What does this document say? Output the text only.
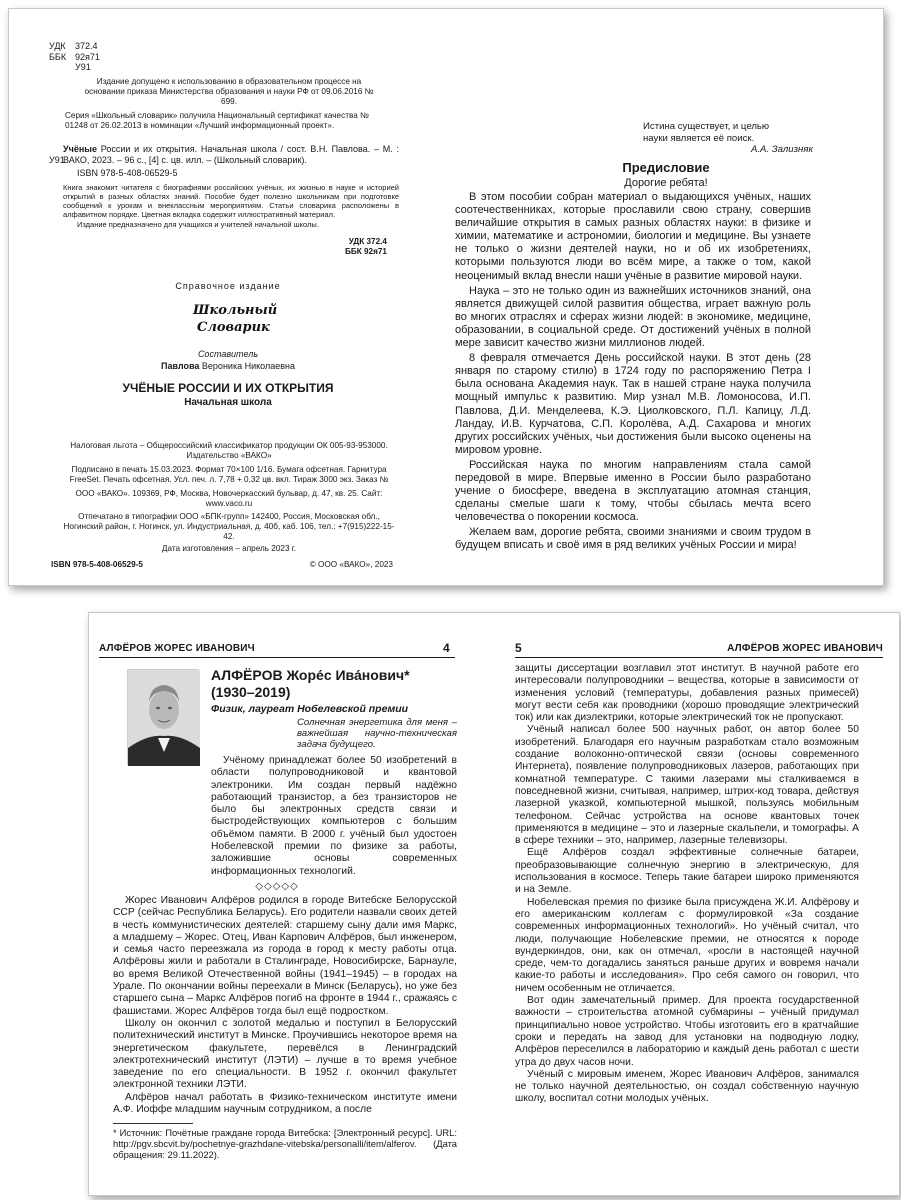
УДК	372.4
ББК 92я71
У91
Издание допущено к использованию в образовательном процессе на основании приказа Министерства образования и науки РФ от 09.06.2016 № 699.
Серия «Школьный словарик» получила Национальный сертификат качества № 01248 от 26.02.2013 в номинации «Лучший информационный проект».
Учёные России и их открытия. Начальная школа / сост. В.Н. Павлова. – М. : ВАКО, 2023. – 96 с., [4] с. цв. илл. – (Школьный словарик).
У91
ISBN 978-5-408-06529-5
Книга знакомит читателя с биографиями российских учёных, их жизнью в науке и историей открытий в разных областях знаний. Пособие будет полезно школьникам при подготовке сообщений к урокам и внеклассным мероприятиям. Статьи словарика расположены в алфавитном порядке. Цветная вкладка содержит иллюстративный материал.
Издание предназначено для учащихся и учителей начальной школы.
УДК 372.4
ББК 92я71
Справочное издание
Школьный
Словарик
Составитель
Павлова Вероника Николаевна
УЧЁНЫЕ РОССИИ И ИХ ОТКРЫТИЯ
Начальная школа
Налоговая льгота – Общероссийский классификатор продукции ОК 005-93-953000. Издательство «ВАКО»
Подписано в печать 15.03.2023. Формат 70×100 1/16. Бумага офсетная. Гарнитура FreeSet. Печать офсетная. Усл. печ. л. 7,78 + 0,32 цв. вкл. Тираж 3000 экз. Заказ №
ООО «ВАКО». 109369, РФ, Москва, Новочеркасский бульвар, д. 47, кв. 25. Сайт: www.vaco.ru
Отпечатано в типографии ООО «БПК-групп» 142400, Россия, Московская обл., Ногинский район, г. Ногинск, ул. Индустриальная, д. 40б, каб. 106, тел.: +7(915)222-15-42.
Дата изготовления – апрель 2023 г.
ISBN 978-5-408-06529-5	© ООО «ВАКО», 2023
Истина существует, и целью
науки является её поиск.
А.А. Зализняк
Предисловие
Дорогие ребята!

В этом пособии собран материал о выдающихся учёных, наших соотечественниках, которые прославили свою страну, совершив величайшие открытия в самых разных областях науки: в физике и химии, математике и астрономии, биологии и медицине. Вы узнаете не только о жизни деятелей науки, но и об их изобретениях, которыми пользуются люди во всём мире, а также о том, какой неоценимый вклад внесли наши учёные в развитие мировой науки.

Наука – это не только один из важнейших источников знаний, она является движущей силой развития общества, играет важную роль во многих отраслях и сферах жизни людей: в экономике, медицине, образовании, в социальной среде. От достижений учёных в полной мере зависит качество жизни миллионов людей.

8 февраля отмечается День российской науки. В этот день (28 января по старому стилю) в 1724 году по распоряжению Петра I была основана Академия наук. Так в нашей стране наука получила мощный импульс к развитию. Мир узнал М.В. Ломоносова, И.П. Павлова, Д.И. Менделеева, К.Э. Циолковского, П.Л. Капицу, Л.Д. Ландау, И.В. Курчатова, С.П. Королёва, А.Д. Сахарова и многих других российских учёных, чьи достижения были высоко оценены на мировом уровне.

Российская наука по многим направлениям стала самой передовой в мире. Впервые именно в России было разработано учение о биосфере, введена в эксплуатацию атомная станция, сделаны смелые шаги к тому, чтобы сбылась мечта всего человечества о покорении космоса.

Желаем вам, дорогие ребята, своими знаниями и своим трудом в будущем вписать и своё имя в ряд великих учёных России и мира!

АЛФЁРОВ ЖОРЕС ИВАНОВИЧ	4
АЛФЁРОВ Жоре́с Ива́нович*
(1930–2019)
Физик, лауреат Нобелевской премии
Солнечная энергетика для меня – важнейшая научно-техническая задача будущего.

Учёному принадлежат более 50 изобретений в области полупроводниковой и квантовой электроники. Им создан первый надёжно работающий транзистор, а без транзисторов не было бы электронных средств связи и быстродействующих компьютеров с большим объёмом памяти. В 2000 г. учёный был удостоен Нобелевской премии по физике за работы, заложившие основы современных информационных технологий.

◇◇◇◇◇

Жорес Иванович Алфёров родился в городе Витебске Белорусской ССР (сейчас Республика Беларусь). Его родители назвали своих детей в честь коммунистических деятелей: старшему сыну дали имя Маркс, а младшему – Жорес. Отец, Иван Карпович Алфёров, был инженером, и семья часто переезжала из города в город к месту работы отца. Алфёровы жили и работали в Сталинграде, Новосибирске, Барнауле, во время Великой Отечественной войны (1941–1945) – в городах на Урале. По окончании войны переехали в Минск (Беларусь), но уже без старшего сына – Маркс Алфёров погиб на фронте в 1944 г., сражаясь с фашистами. Жорес Алфёров тогда был ещё подростком.

Школу он окончил с золотой медалью и поступил в Белорусский политехнический институт в Минске. Проучившись некоторое время на энергетическом факультете, перевёлся в Ленинградский электротехнический институт (ЛЭТИ) – лучше в то время учебное заведение по его специальности. В 1952 г. окончил факультет электронной техники ЛЭТИ.

Алфёров начал работать в Физико-техническом институте имени А.Ф. Иоффе младшим научным сотрудником, а после

* Источник: Почётные граждане города Витебска: [Электронный ресурс]. URL: http://pgv.sbcvit.by/pochetnye-grazhdane-vitebska/personalli/item/alferov. (Дата обращения: 29.11.2022).
5	АЛФЁРОВ ЖОРЕС ИВАНОВИЧ

защиты диссертации возглавил этот институт. В научной работе его интересовали полупроводники – вещества, которые в зависимости от изменения условий (температуры, добавления разных примесей) могут вести себя как проводники (хорошо проводящие электрический ток) или как диэлектрики, которые электрический ток не пропускают.

Учёный написал более 500 научных работ, он автор более 50 изобретений. Благодаря его научным разработкам стало возможным создание волоконно-оптической связи (основы современного Интернета), появление полупроводниковых лазеров, работающих при комнатной температуре. С такими лазерами мы сталкиваемся в повседневной жизни, считывая, например, штрих-код товара, действуя лазерной указкой, компьютерной мышкой, пользуясь мобильным телефоном. Сейчас устройства на основе квантовых точек применяются в медицине – это и лазерные скальпели, и томографы. А в сфере техники – это, например, лазерные телевизоры.

Ещё Алфёров создал эффективные солнечные батареи, преобразовывающие солнечную энергию в электрическую, для использования в космосе. Теперь такие батареи широко применяются и на Земле.

Нобелевская премия по физике была присуждена Ж.И. Алфёрову и его американским коллегам с формулировкой «За создание современных информационных технологий». Но учёный считал, что люди, получающие Нобелевские премии, не относятся к породе вундеркиндов, они, как он отмечал, «росли в настоящей научной среде, чем-то догадались заняться раньше других и вовремя начали какие-то работы и исследования». Про себя самого он говорил, что ничем особенным не отличается.

Вот один замечательный пример. Для проекта государственной важности – строительства атомной субмарины – учёный придумал принципиально новое устройство. Чтобы изготовить его в кратчайшие сроки и передать на завод для установки на подводную лодку, Алфёров переселился в лабораторию и каждый день работал с шести утра до двух часов ночи.

Учёный с мировым именем, Жорес Иванович Алфёров, занимался не только научной деятельностью, он создал собственную научную школу, воспитал сотни молодых учёных.
